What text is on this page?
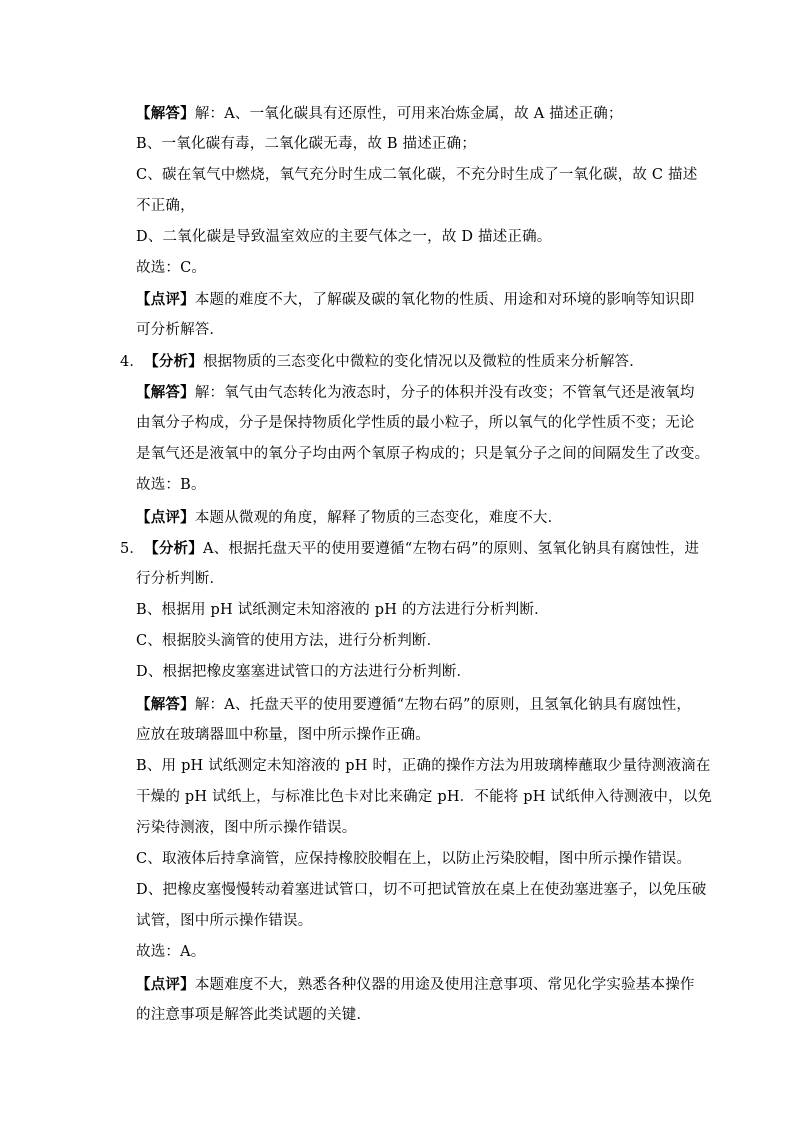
【解答】解：A、一氧化碳具有还原性，可用来冶炼金属，故 A 描述正确；
B、一氧化碳有毒，二氧化碳无毒，故 B 描述正确；
C、碳在氧气中燃烧，氧气充分时生成二氧化碳，不充分时生成了一氧化碳，故 C 描述
不正确，
D、二氧化碳是导致温室效应的主要气体之一，故 D 描述正确。
故选：C。
【点评】本题的难度不大，了解碳及碳的氧化物的性质、用途和对环境的影响等知识即
可分析解答．
4．【分析】根据物质的三态变化中微粒的变化情况以及微粒的性质来分析解答．
【解答】解：氧气由气态转化为液态时，分子的体积并没有改变；不管氧气还是液氧均
由氧分子构成，分子是保持物质化学性质的最小粒子，所以氧气的化学性质不变；无论
是氧气还是液氧中的氧分子均由两个氧原子构成的；只是氧分子之间的间隔发生了改变。
故选：B。
【点评】本题从微观的角度，解释了物质的三态变化，难度不大．
5．【分析】A、根据托盘天平的使用要遵循“左物右码”的原则、氢氧化钠具有腐蚀性，进
行分析判断．
B、根据用 pH 试纸测定未知溶液的 pH 的方法进行分析判断．
C、根据胶头滴管的使用方法，进行分析判断．
D、根据把橡皮塞塞进试管口的方法进行分析判断．
【解答】解：A、托盘天平的使用要遵循“左物右码”的原则，且氢氧化钠具有腐蚀性，
应放在玻璃器皿中称量，图中所示操作正确。
B、用 pH 试纸测定未知溶液的 pH 时，正确的操作方法为用玻璃棒蘸取少量待测液滴在
干燥的 pH 试纸上，与标准比色卡对比来确定 pH．不能将 pH 试纸伸入待测液中，以免
污染待测液，图中所示操作错误。
C、取液体后持拿滴管，应保持橡胶胶帽在上，以防止污染胶帽，图中所示操作错误。
D、把橡皮塞慢慢转动着塞进试管口，切不可把试管放在桌上在使劲塞进塞子，以免压破
试管，图中所示操作错误。
故选：A。
【点评】本题难度不大，熟悉各种仪器的用途及使用注意事项、常见化学实验基本操作
的注意事项是解答此类试题的关键．
